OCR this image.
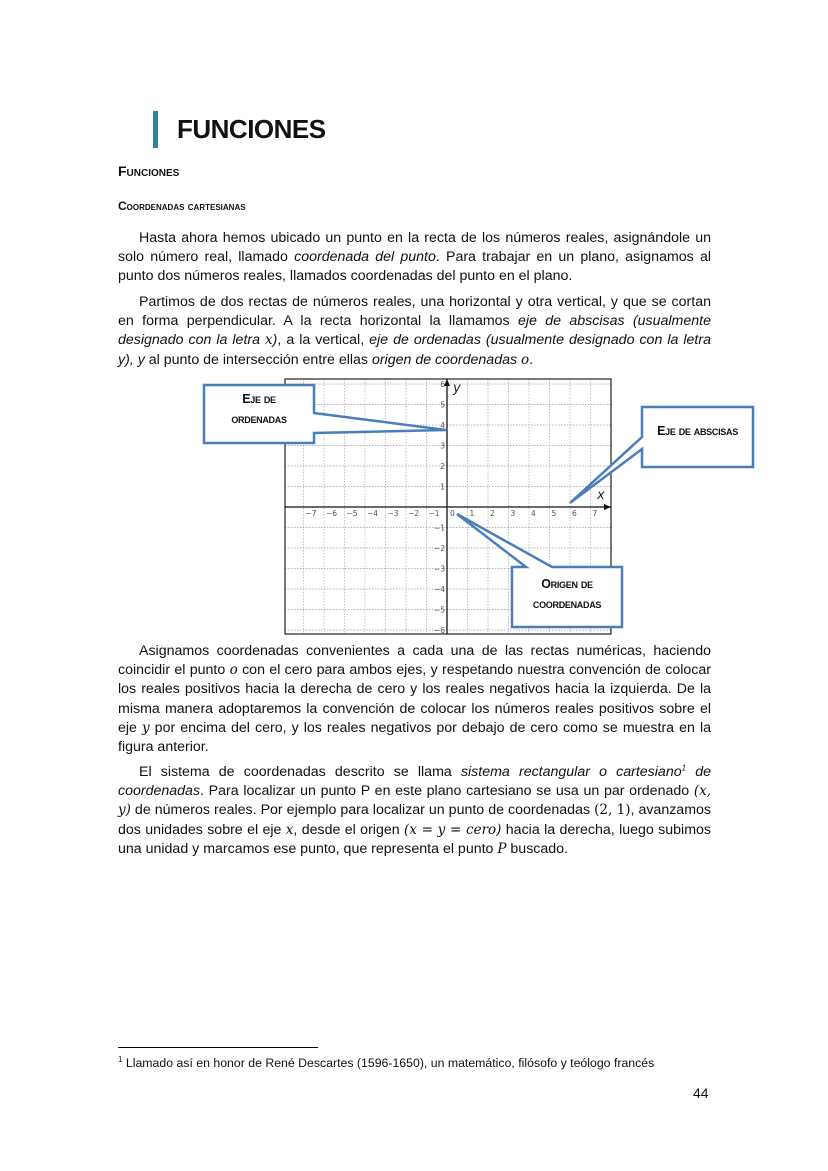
FUNCIONES
Funciones
Coordenadas cartesianas

Hasta ahora hemos ubicado un punto en la recta de los números reales, asignándole un solo número real, llamado coordenada del punto. Para trabajar en un plano, asignamos al punto dos números reales, llamados coordenadas del punto en el plano.

Partimos de dos rectas de números reales, una horizontal y otra vertical, y que se cortan en forma perpendicular. A la recta horizontal la llamamos eje de abscisas (usualmente designado con la letra x), a la vertical, eje de ordenadas (usualmente designado con la letra y), y al punto de intersección entre ellas origen de coordenadas o.

−7 −6 −5 −4 −3 −2 −1	1 2 3 4 5 6 7
6
5
4
3
2
1
−1
−2
−3
−4
−5
−6
0
y
x
Eje de
ordenadas
Eje de abscisas
Origen de
coordenadas

Asignamos coordenadas convenientes a cada una de las rectas numéricas, haciendo coincidir el punto o con el cero para ambos ejes, y respetando nuestra convención de colocar los reales positivos hacia la derecha de cero y los reales negativos hacia la izquierda. De la misma manera adoptaremos la convención de colocar los números reales positivos sobre el eje y por encima del cero, y los reales negativos por debajo de cero como se muestra en la figura anterior.

El sistema de coordenadas descrito se llama sistema rectangular o cartesiano$^1$ de coordenadas. Para localizar un punto P en este plano cartesiano se usa un par ordenado (x, y) de números reales. Por ejemplo para localizar un punto de coordenadas (2, 1), avanzamos dos unidades sobre el eje x, desde el origen (x = y = cero) hacia la derecha, luego subimos una unidad y marcamos ese punto, que representa el punto P buscado.

$^1$ Llamado así en honor de René Descartes (1596-1650), un matemático, filósofo y teólogo francés
44
